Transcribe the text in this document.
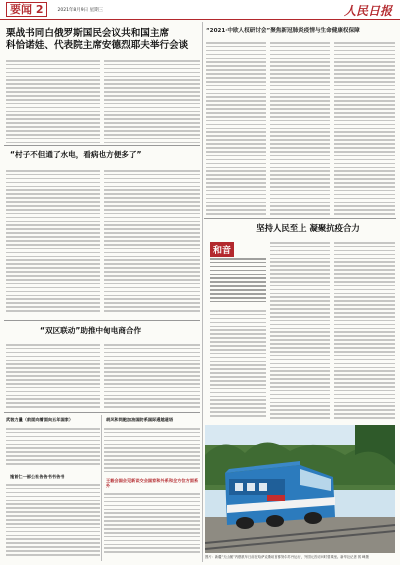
要闻 2	2021年8月9日 星期三	人民日报
栗战书同白俄罗斯国民会议共和国主席
科恰诺娃、代表院主席安德烈耶夫举行会谈
“村子不但通了水电，看病也方便多了”
“双区联动”助推中甸电商合作
武装力量（前面向着面向五年国家）
施首仁一部公社告告书书告书
胡风和同胞加油国防系国际通越道语
王毅会国会见新谈交会国家和外系和全方位方面系外
“2021·中欧人权研讨会”聚焦新冠肺炎疫情与生命健康权保障
坚持人民至上 凝聚抗疫合力
和音
图片：新疆“天山號”内燃机车日前在哈萨克斯坦首都努尔苏丹运行，外国元首访问时曾乘坐。新华社记者 郭 峰摄
